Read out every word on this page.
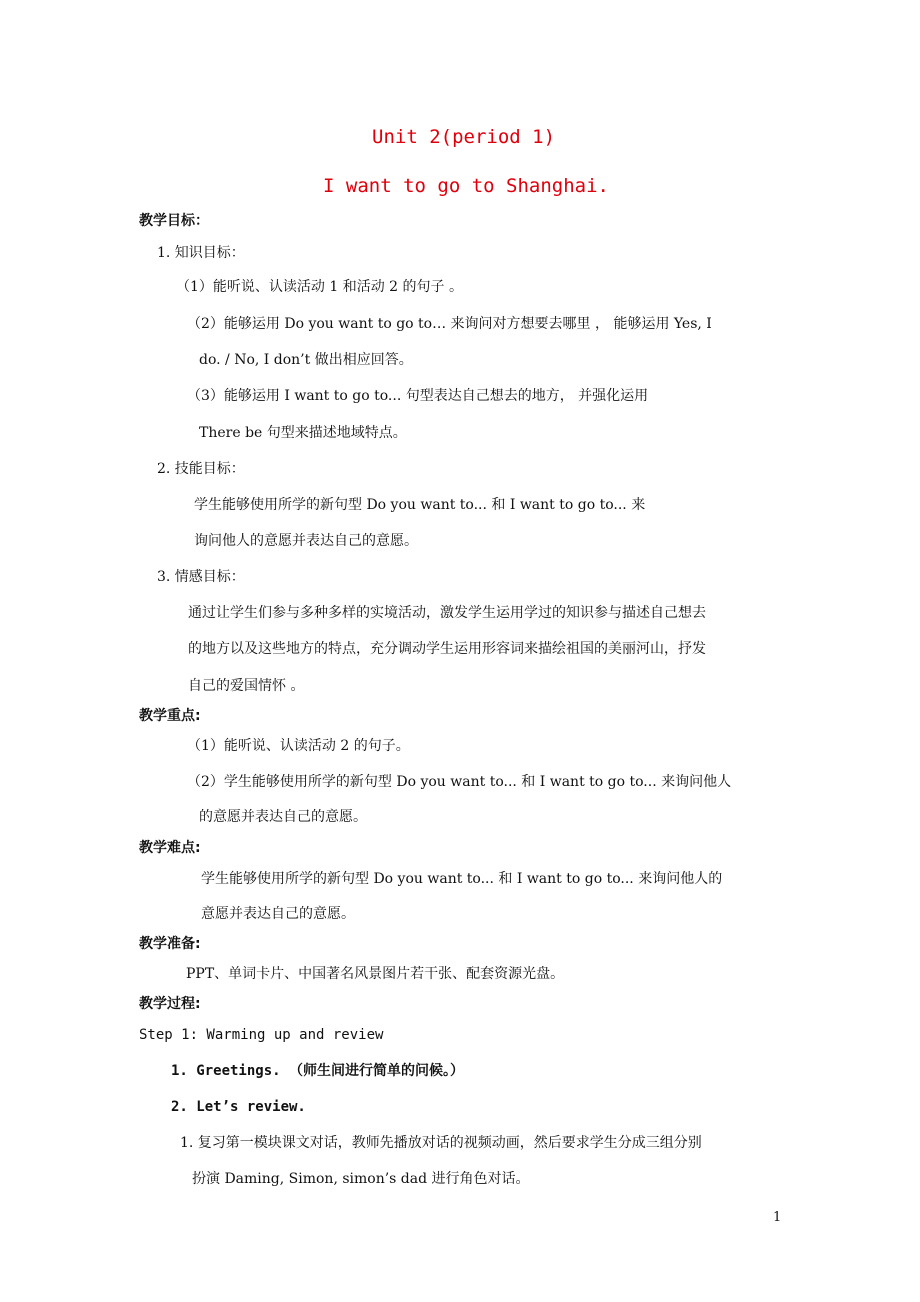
Unit 2(period 1)
I want to go to Shanghai.
教学目标：
1. 知识目标：
（1）能听说、认读活动 1 和活动 2 的句子 。
（2）能够运用 Do you want to go to… 来询问对方想要去哪里 ， 能够运用 Yes, I
do. / No, I don’t 做出相应回答。
（3）能够运用 I want to go to... 句型表达自己想去的地方， 并强化运用
There be 句型来描述地域特点。
2. 技能目标：
学生能够使用所学的新句型 Do you want to... 和 I want to go to... 来
询问他人的意愿并表达自己的意愿。
3. 情感目标：
通过让学生们参与多种多样的实境活动，激发学生运用学过的知识参与描述自己想去
的地方以及这些地方的特点，充分调动学生运用形容词来描绘祖国的美丽河山，抒发
自己的爱国情怀 。
教学重点:
（1）能听说、认读活动 2 的句子。
（2）学生能够使用所学的新句型 Do you want to... 和 I want to go to... 来询问他人
的意愿并表达自己的意愿。
教学难点:
学生能够使用所学的新句型 Do you want to... 和 I want to go to... 来询问他人的
意愿并表达自己的意愿。
教学准备:
PPT、单词卡片、中国著名风景图片若干张、配套资源光盘。
教学过程:
Step 1: Warming up and review
1. Greetings. （师生间进行简单的问候。）
2. Let’s review.
1. 复习第一模块课文对话，教师先播放对话的视频动画，然后要求学生分成三组分别
扮演 Daming, Simon, simon’s dad 进行角色对话。
1
